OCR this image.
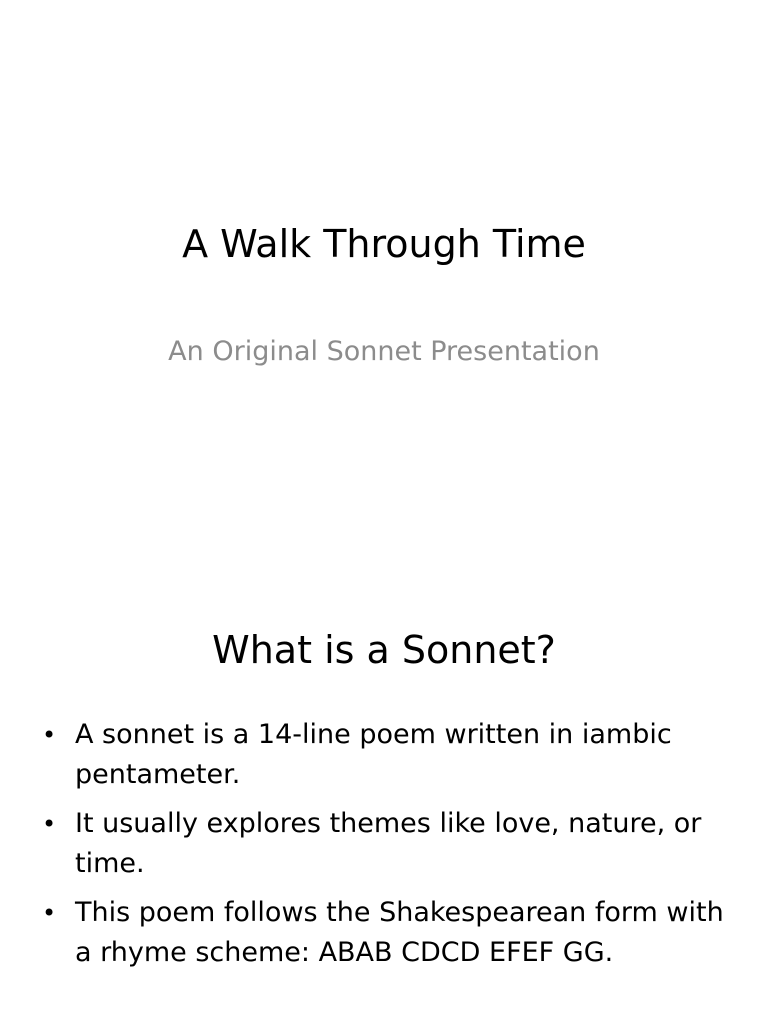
A Walk Through Time

An Original Sonnet Presentation

What is a Sonnet?
• A sonnet is a 14-line poem written in iambic pentameter.
• It usually explores themes like love, nature, or time.
• This poem follows the Shakespearean form with a rhyme scheme: ABAB CDCD EFEF GG.
